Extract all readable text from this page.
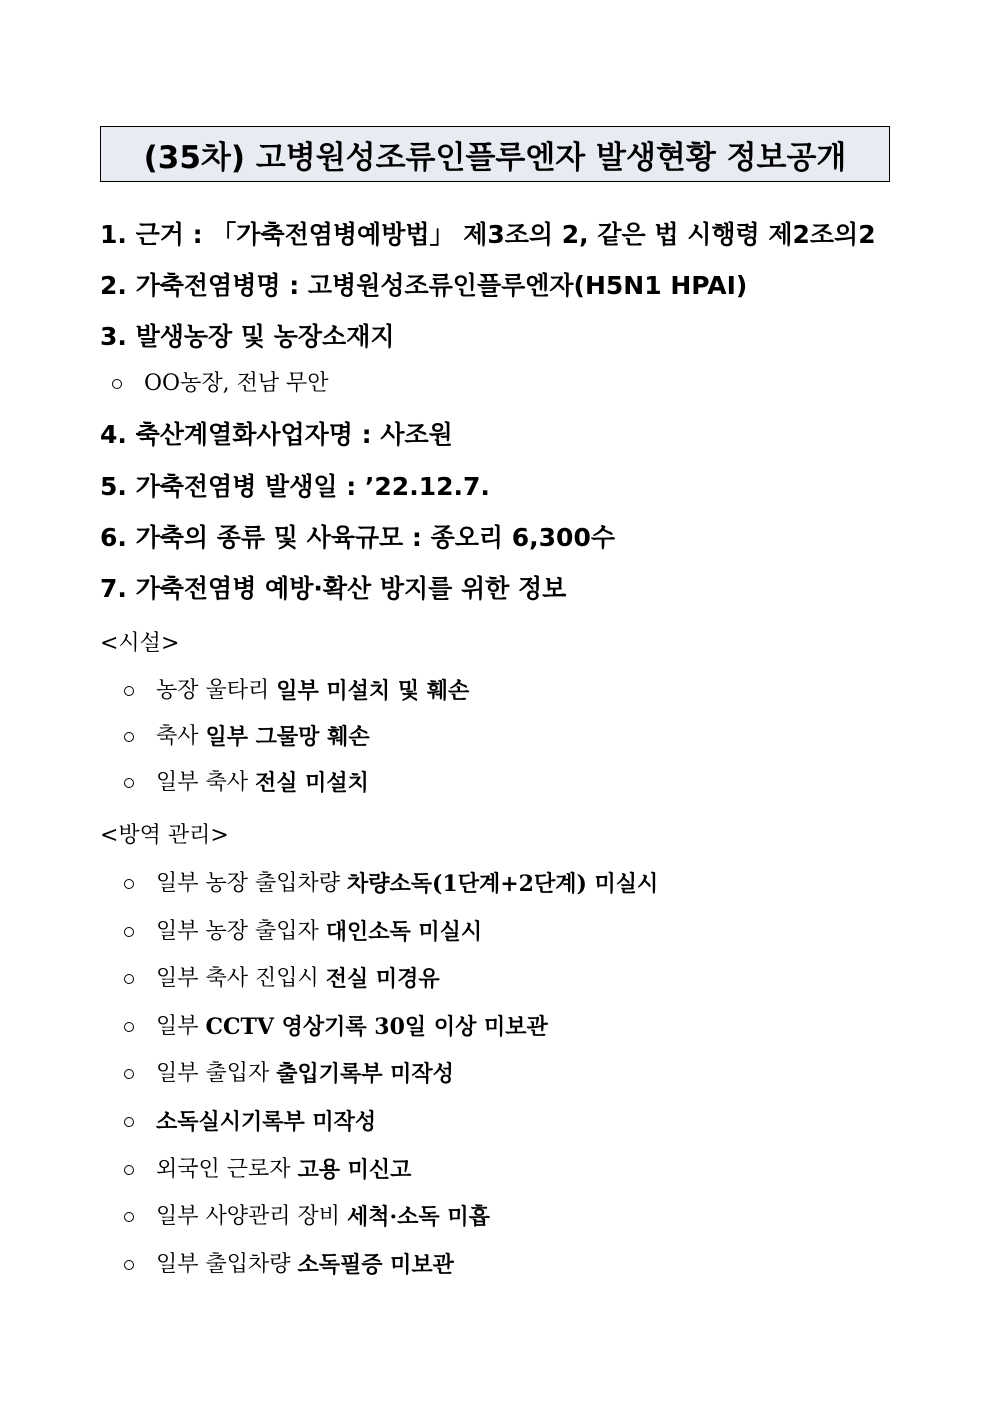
(35차) 고병원성조류인플루엔자 발생현황 정보공개
1. 근거 : 「가축전염병예방법」 제3조의 2, 같은 법 시행령 제2조의2
2. 가축전염병명 : 고병원성조류인플루엔자(H5N1 HPAI)
3. 발생농장 및 농장소재지
OO농장, 전남 무안
4. 축산계열화사업자명 : 사조원
5. 가축전염병 발생일 : ’22.12.7.
6. 가축의 종류 및 사육규모 : 종오리 6,300수
7. 가축전염병 예방·확산 방지를 위한 정보
<시설>
농장 울타리 일부 미설치 및 훼손
축사 일부 그물망 훼손
일부 축사 전실 미설치
<방역 관리>
일부 농장 출입차량 차량소독(1단계+2단계) 미실시
일부 농장 출입자 대인소독 미실시
일부 축사 진입시 전실 미경유
일부 CCTV 영상기록 30일 이상 미보관
일부 출입자 출입기록부 미작성
소독실시기록부 미작성
외국인 근로자 고용 미신고
일부 사양관리 장비 세척·소독 미흡
일부 출입차량 소독필증 미보관
